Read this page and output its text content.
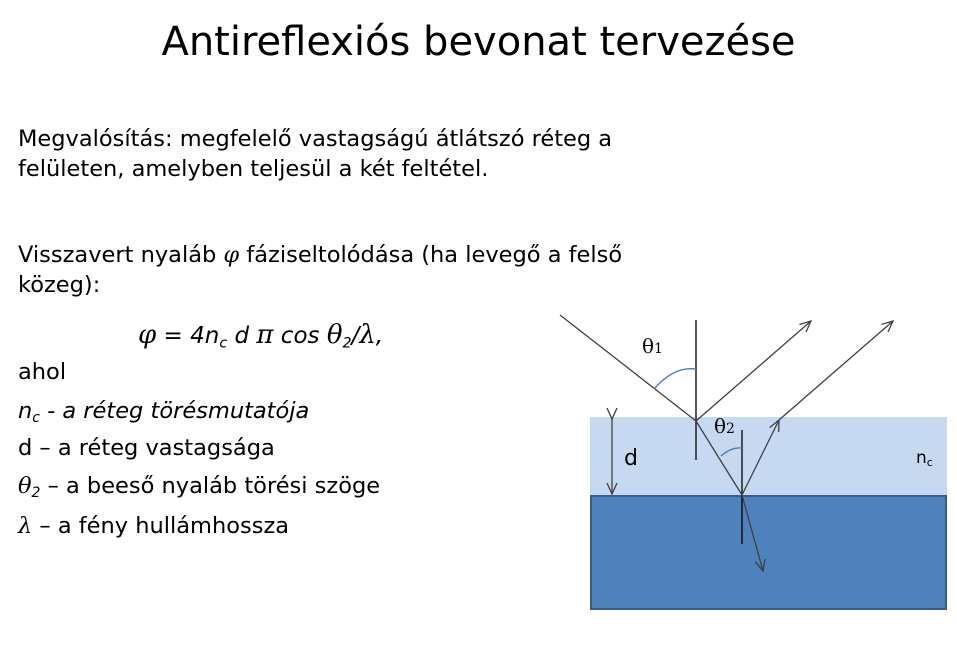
Antireflexiós bevonat tervezése
Megvalósítás: megfelelő vastagságú átlátszó réteg a
felületen, amelyben teljesül a két feltétel.
Visszavert nyaláb φ fáziseltolódása (ha levegő a felső
közeg):
$\varphi = 4n_c$ d π $\cos \theta_2/\lambda$,
ahol
$n_c$ - a réteg törésmutatója
d – a réteg vastagsága
$\theta_2$ – a beeső nyaláb törési szöge
λ – a fény hullámhossza
θ1
θ2
d	nc
